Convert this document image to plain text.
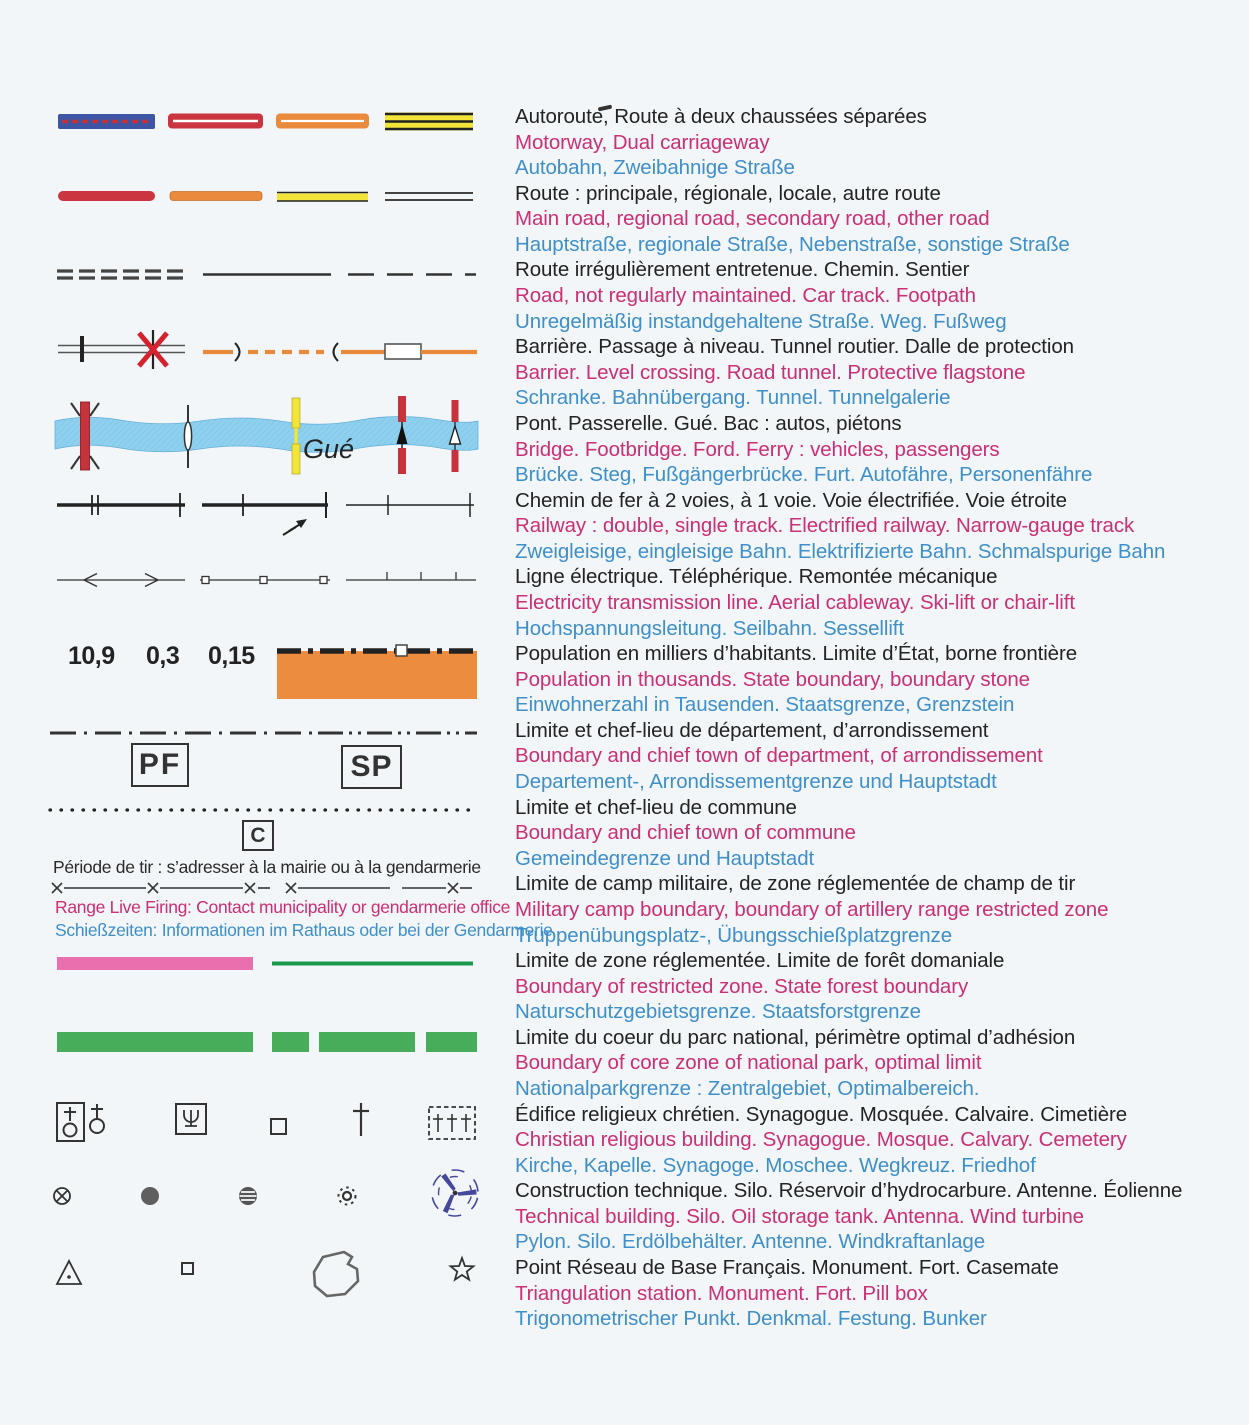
Autoroute, Route à deux chaussées séparées
Motorway, Dual carriageway
Autobahn, Zweibahnige Straße
Route : principale, régionale, locale, autre route
Main road, regional road, secondary road, other road
Hauptstraße, regionale Straße, Nebenstraße, sonstige Straße
Route irrégulièrement entretenue. Chemin. Sentier
Road, not regularly maintained. Car track. Footpath
Unregelmäßig instandgehaltene Straße. Weg. Fußweg
Barrière. Passage à niveau. Tunnel routier. Dalle de protection
Barrier. Level crossing. Road tunnel. Protective flagstone
Schranke. Bahnübergang. Tunnel. Tunnelgalerie
Pont. Passerelle. Gué. Bac : autos, piétons
Bridge. Footbridge. Ford. Ferry : vehicles, passengers
Brücke. Steg, Fußgängerbrücke. Furt. Autofähre, Personenfähre
Chemin de fer à 2 voies, à 1 voie. Voie électrifiée. Voie étroite
Railway : double, single track. Electrified railway. Narrow-gauge track
Zweigleisige, eingleisige Bahn. Elektrifizierte Bahn. Schmalspurige Bahn
Ligne électrique. Téléphérique. Remontée mécanique
Electricity transmission line. Aerial cableway. Ski-lift or chair-lift
Hochspannungsleitung. Seilbahn. Sessellift
Population en milliers d’habitants. Limite d’État, borne frontière
Population in thousands. State boundary, boundary stone
Einwohnerzahl in Tausenden. Staatsgrenze, Grenzstein
Limite et chef-lieu de département, d’arrondissement
Boundary and chief town of department, of arrondissement
Departement-, Arrondissementgrenze und Hauptstadt
Limite et chef-lieu de commune
Boundary and chief town of commune
Gemeindegrenze und Hauptstadt
Limite de camp militaire, de zone réglementée de champ de tir
Military camp boundary, boundary of artillery range restricted zone
Truppenübungsplatz-, Übungsschießplatzgrenze
Limite de zone réglementée. Limite de forêt domaniale
Boundary of restricted zone. State forest boundary
Naturschutzgebietsgrenze. Staatsforstgrenze
Limite du coeur du parc national, périmètre optimal d’adhésion
Boundary of core zone of national park, optimal limit
Nationalparkgrenze : Zentralgebiet, Optimalbereich.
Édifice religieux chrétien. Synagogue. Mosquée. Calvaire. Cimetière
Christian religious building. Synagogue. Mosque. Calvary. Cemetery
Kirche, Kapelle. Synagoge. Moschee. Wegkreuz. Friedhof
Construction technique. Silo. Réservoir d’hydrocarbure. Antenne. Éolienne
Technical building. Silo. Oil storage tank. Antenna. Wind turbine
Pylon. Silo. Erdölbehälter. Antenne. Windkraftanlage
Point Réseau de Base Français. Monument. Fort. Casemate
Triangulation station. Monument. Fort. Pill box
Trigonometrischer Punkt. Denkmal. Festung. Bunker
10,9 0,3 0,15
Gué
PF	SP
C
Période de tir : s’adresser à la mairie ou à la gendarmerie
Range Live Firing: Contact municipality or gendarmerie office
Schießzeiten: Informationen im Rathaus oder bei der Gendarmerie
